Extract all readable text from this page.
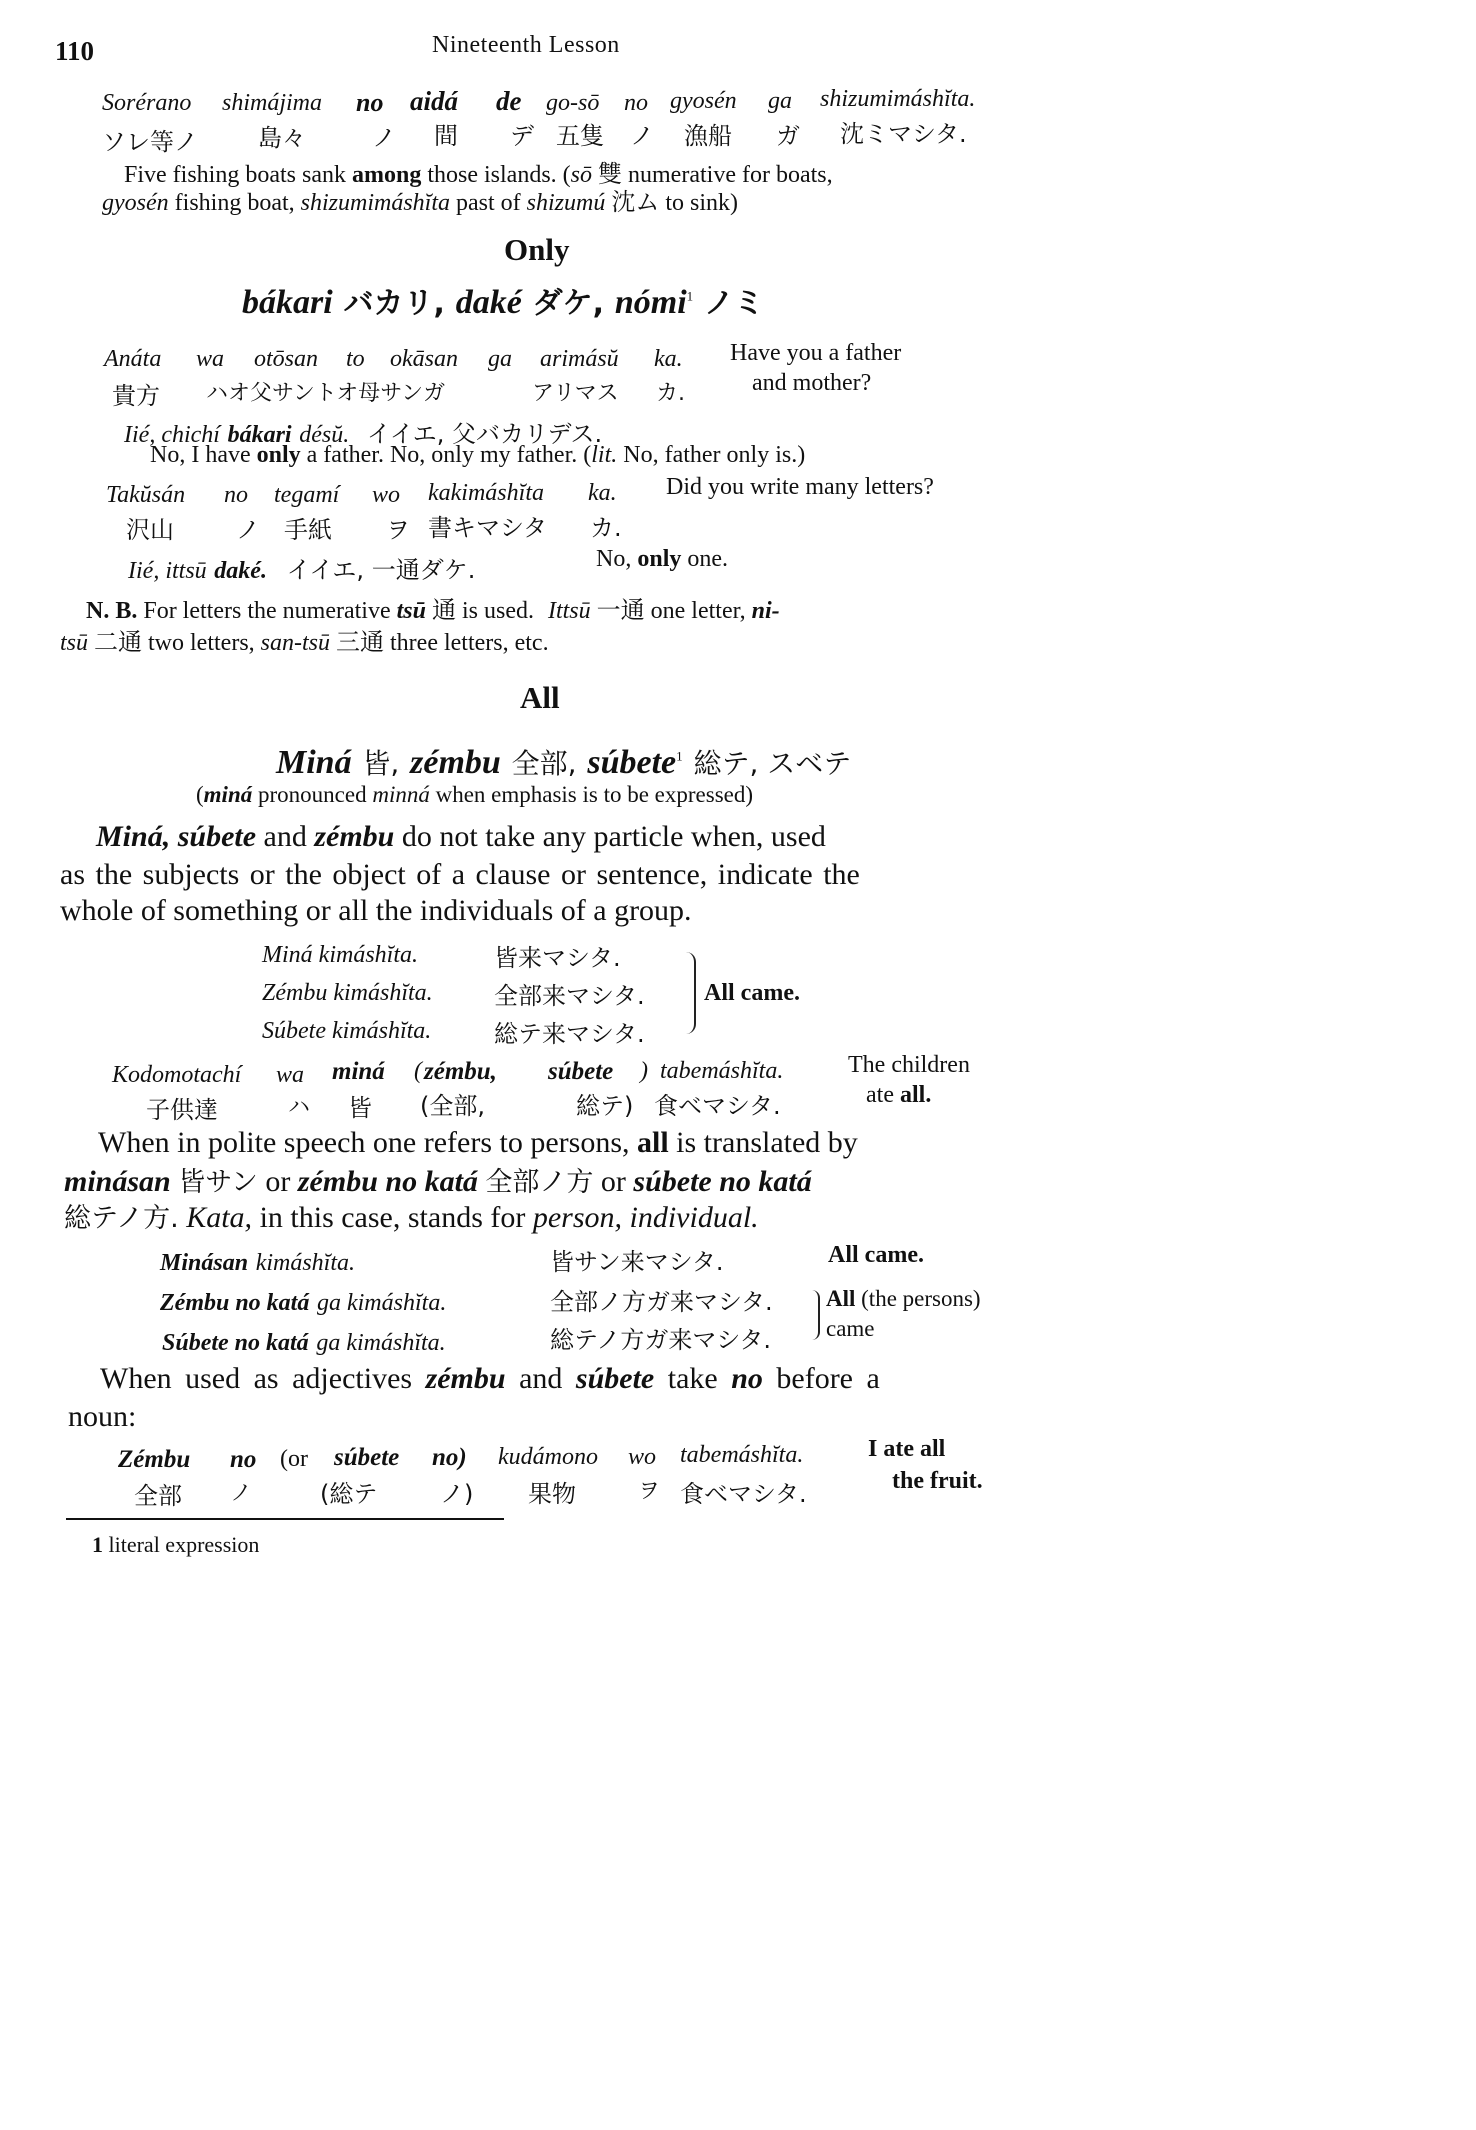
110	Nineteenth Lesson
Sorérano shimájima no aidá de go-sō no gyosén ga shizumimáshĭta.
ソレ等ノ	島々	ノ 間 デ 五隻 ノ 漁船 ガ 沈ミマシタ.
Five fishing boats sank among those islands. (sō 雙 numerative for boats,
gyosén fishing boat, shizumimáshĭta past of shizumú 沈ム to sink)
Only
bákari バカリ, daké ダケ, nómi$^1$ ノミ
Anáta wa otōsan to okāsan ga arimásŭ ka. Have you a father
貴方 ハオ父サントオ母サンガ	アリマス カ.	and mother?
Iié, chichí bákari désŭ. イイエ, 父バカリデス.
No, I have only a father. No, only my father. (lit. No, father only is.)
Takŭsán no tegamí wo kakimáshĭta ka. Did you write many letters?
沢山	ノ 手紙 ヲ 書キマシタ カ.
Iié, ittsū daké. イイエ, 一通ダケ.	No, only one.
N. B. For letters the numerative tsū 通 is used. Ittsū 一通 one letter, ni-
tsū 二通 two letters, san-tsū 三通 three letters, etc.
All
Miná 皆, zémbu 全部, súbete$^1$ 総テ, スベテ
(miná pronounced minná when emphasis is to be expressed)
Miná, súbete and zémbu do not take any particle when, used
as the subjects or the object of a clause or sentence, indicate the
whole of something or all the individuals of a group.
Miná kimáshĭta.	皆来マシタ.
Zémbu kimáshĭta.	全部来マシタ.
Súbete kimáshĭta.	総テ来マシタ.
All came.
Kodomotachí wa miná ( zémbu, súbete ) tabemáshĭta.	The children
子供達	ハ 皆 (全部,	総テ) 食ベマシタ.	ate all.
When in polite speech one refers to persons, all is translated by
minásan 皆サン or zémbu no katá 全部ノ方 or súbete no katá
総テノ方. Kata, in this case, stands for person, individual.
Minásan kimáshĭta.	皆サン来マシタ.	All came.
Zémbu no katá ga kimáshĭta.	全部ノ方ガ来マシタ.
Súbete no katá ga kimáshĭta.	総テノ方ガ来マシタ.
All (the persons)
came
When used as adjectives zémbu and súbete take no before a
noun:
Zémbu no (or súbete no) kudámono wo tabemáshĭta.	I ate all
全部 ノ	(総テ	ノ) 果物	ヲ 食ベマシタ.	the fruit.
1 literal expression
